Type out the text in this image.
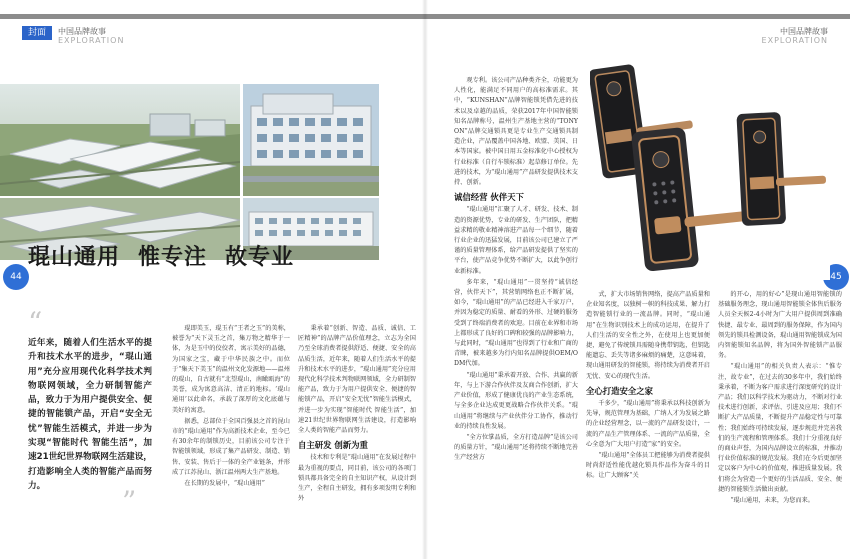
封面	中国品牌故事
EXPLORATION
44
琨山通用 惟专注 故专业
“
近年来，随着人们生活水平的提升和技术水平的进步，“琨山通用”充分应用现代化科学技术判物联网领域，全力研制智能产品，致力于为用户提供安全、便捷的智能锁产品，开启“安全无忧”智能生活模式，并进一步为实现“智能时代 智能生活”，加速21世纪世界物联网生活建设，打造影响全人类的智能产品而努力。	”

琨即美玉，琨玉有“王者之玉”的美称，被誉为“天下灵玉之首，集万物之精华于一体，为是玉中的佼佼者，寓示美好的品德，为国家之宝，藏于中华民族之中。而位于“集天下美玉”的温州文化发源地——温州的琨山，自古就有“北望琨山，南瞰瓯海”的美誉，成为寓意高洁、清正的地标。‘琨山通用’以此命名，承载了深厚的文化底蕴与美好的寓意。

据悉，总部位于全国百强县之首的昆山市的“琨山通用”作为高新技术企业，至今已有30余年的制锁历史，目前该公司专注于智能锁领域，形成了集产品研发、制造、销售、安装、售后于一体的全产业链条，并形成了江苏昆山、浙江温州两大生产基地。

在长期的发展中，“琨山通用”

秉承着“创新、智造、品质、诚信、工匠精神”的品牌产品价值理念，立志为全国乃至全球消费者提供舒适、便捷、安全的高品质生活，近年来，随着人们生活水平的提升和技术水平的进步，“琨山通用”充分应用现代化科学技术判物联网领域，全力研制智能产品，致力于为用户提供安全、便捷的智能锁产品，开启“安全无忧”智能生活模式，并进一步为实现“智能时代 智能生活”，加速21世纪世界物联网生活建设，打造影响全人类的智能产品而努力。

自主研发 创新为重

技术和专利是“琨山通用”在发展过程中最为重视的要点，同目前，该公司的各项门锁具都具备完全的自主知识产权，从设计到生产，全程自主研发，拥有多项发明专利和外

中国品牌故事
EXPLORATION

观专利。该公司产品种类齐全，功能更为人性化，能满足不同用户的高标准需求。其中，“KUNSHAN”品牌智能锁凭借先进的技术以及卓越的品质，荣获2017年中国智能锁知名品牌称号，温州生产基地主营的“TONYON”品牌交通锁具更是专业生产交通锁具制造企业，产品覆盖中国各地、欧盟、美国、日本等国家。被中国日用五金标准化中心授权为行业标准（自行车锁标准）起草修订单位。先进的技术，为“琨山通用”产品研发提供技术支持、创新。

诚信经营 伙伴天下

“琨山通用”汇聚了人才、研发、技术、制造的资源优势，专业的研发、生产团队，把精益求精的敬业精神溶进产品每一个细节，随着行业企业的迅猛发展，目前该公司已建立了严谨的质量管理体系，给产品研发提供了坚实的平台，使产品竞争优势不断扩大，以此争创行业新标准。

多年来，“琨山通用”一贯坚持“诚信经营，伙伴天下”，其营销网络也正不断扩展，如今，“琨山通用”的产品已经进入千家万户，并因为稳定的质量、耐看的外形、过硬的服务受到了终端消费者的欢迎。目前在业界和市场上都形成了良好的口碑和较强的品牌影响力，与此同时，“琨山通用”也得到了行业和广商的青睐，被来越多为行内知名品牌提供OEM/ODM代加。

“琨山通用”秉承着开放、合作、共赢的新年，与上下游合作伙伴及友商合作创新，扩大产业价值，形成了健康优良的产业生态系统，与全多企业达成更更战略合作伙伴关系。“琨山通用”将继续与产业伙伴分工协作，推动行业的持续良性发展。

“全方位掌品质，全方打造品牌”是该公司的质量方针，“琨山通用”还将持续不断地完善生产经营方

式，扩大市场销售网络，提高产品质量和企业知名度，以独树一帜的科技成果、解力打造智能锁行业的一流品牌。同时，“琨山通用”在生物识别技术上的成功运用，在提升了人们生活的安全性之外，在使用上也更加便捷，避免了传统锁具需随身携带钥匙，但钥匙能遗忘、丢失等诸多麻烦的痛楚，这意味着，现山通用研发的智能锁，将持续为消费者开启无忧、安心的现代生活。

全心打造安全之家

千多少，“琨山通用”将秉承以科技创新为先导，规范管理为基础，广纳人才为发展之路的企业经营理念，以一流的产品研发设计，一流的产品生产管理体系、一流的产品质量，全心全意为广大用户打造“家”的安全。

“琨山通用”全体员工把能够为消费者提供时尚舒适性能优越化锁具作品作为奋斗的目标。让广大顾客“关

的开心，用的好心”是现山通用智能锁的基础服务理念，现山通用智能锁全体售后服务人员全天候2-4小时为广大用户提供周到准确快捷、最专业、最周到的服务保障，作为国内领先的锁具检测设备，琨山通用智能锁成为国内智能锁知名品牌，将为国外智能锁产品服务。

“琨山通用”的相关负责人表示：“惟专注，故专业”，在过去的30多年中，我们始终秉承着，不断为客户需求进行深度研究的设计产品；我们以科学技术为驱动力，不断对行业技术进行创新，求评估、引进及应用；我们不断扩大产品质量，不断提升产品稳定性与可靠性；我们始终可持续发展，逐步规范并完善我们的生产流程和管理体系。我们十分重视良好的商业声誉，为国内品牌设立的标准，并推动行业价值标准的规范发展。我们在今后更加坚定以客户为中心的价值观，推进质量发展。我们将会为营造一个更好的生活品质、安全、便捷的智能锁生活做出贡献。

“琨山通用，未来，为您而来。

45
